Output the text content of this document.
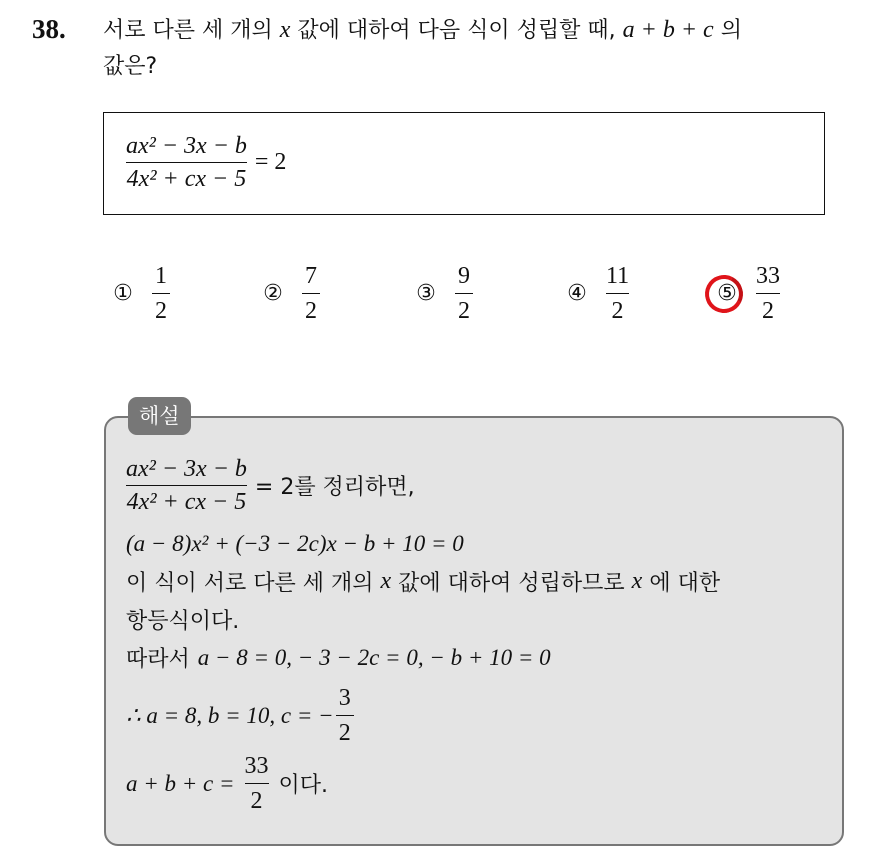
38. 서로 다른 세 개의 x 값에 대하여 다음 식이 성립할 때, a + b + c 의
값은?
$\frac{\text{ax² − 3x − b}}{\text{4x² + cx − 5}} = 2$
①
1
2
②
7
2
③
9
2
④
11
2
⑤
33
2
해설
$\frac{\text{ax² − 3x − b}}{\text{4x² + cx − 5}} = 2$를 정리하면,
(a − 8)x² + (−3 − 2c)x − b + 10 = 0
이 식이 서로 다른 세 개의 x 값에 대하여 성립하므로 x 에 대한
항등식이다.
따라서 a − 8 = 0, − 3 − 2c = 0, − b + 10 = 0
∴ a = 8, b = 10, c = −
3
2
a + b + c =
33
2
이다.
